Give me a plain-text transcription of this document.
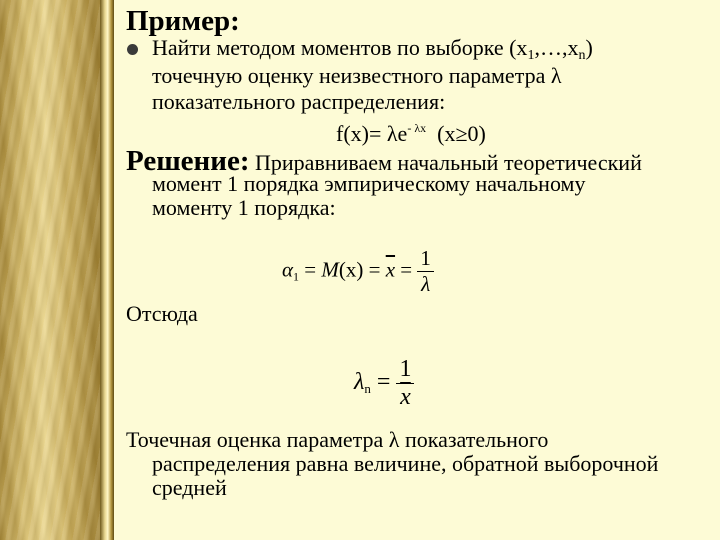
Пример:
Найти методом моментов по выборке $(x_1,\dots,x_n)$
точечную оценку неизвестного параметра λ
показательного распределения:
$f(x)= \lambda e^{- \lambda x}$ (x≥0)
Решение: Приравниваем начальный теоретический
момент 1 порядка эмпирическому начальному
моменту 1 порядка:
$\alpha_1 = M(x) = \overline{x} = \frac{1}{\lambda}$
Отсюда
$\lambda_n = \frac{1}{x}$
Точечная оценка параметра λ показательного
распределения равна величине, обратной выборочной
средней
